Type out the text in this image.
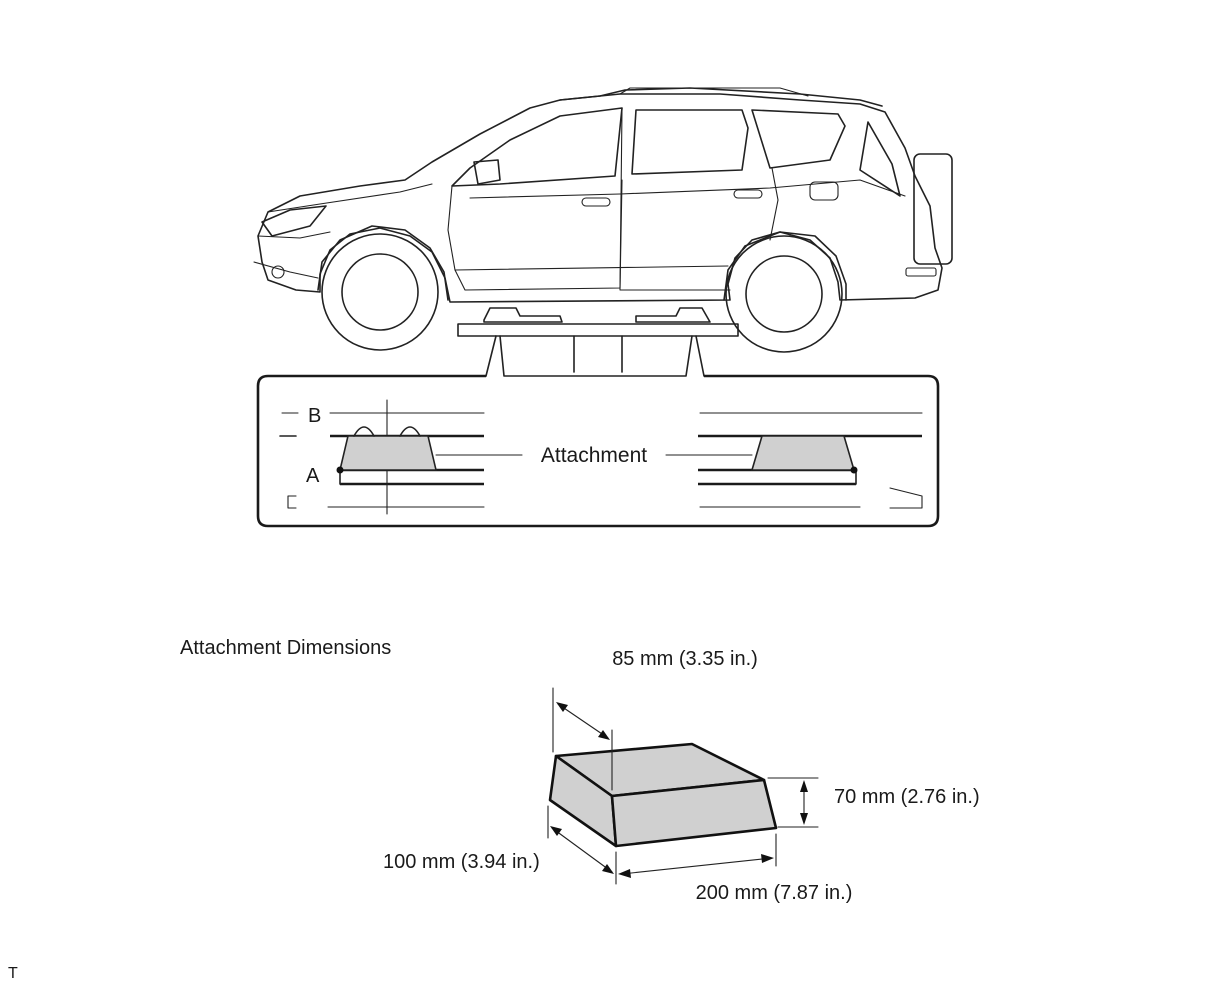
B
A
Attachment
Attachment Dimensions	85 mm (3.35 in.)
70 mm (2.76 in.)
100 mm (3.94 in.)
200 mm (7.87 in.)
T
